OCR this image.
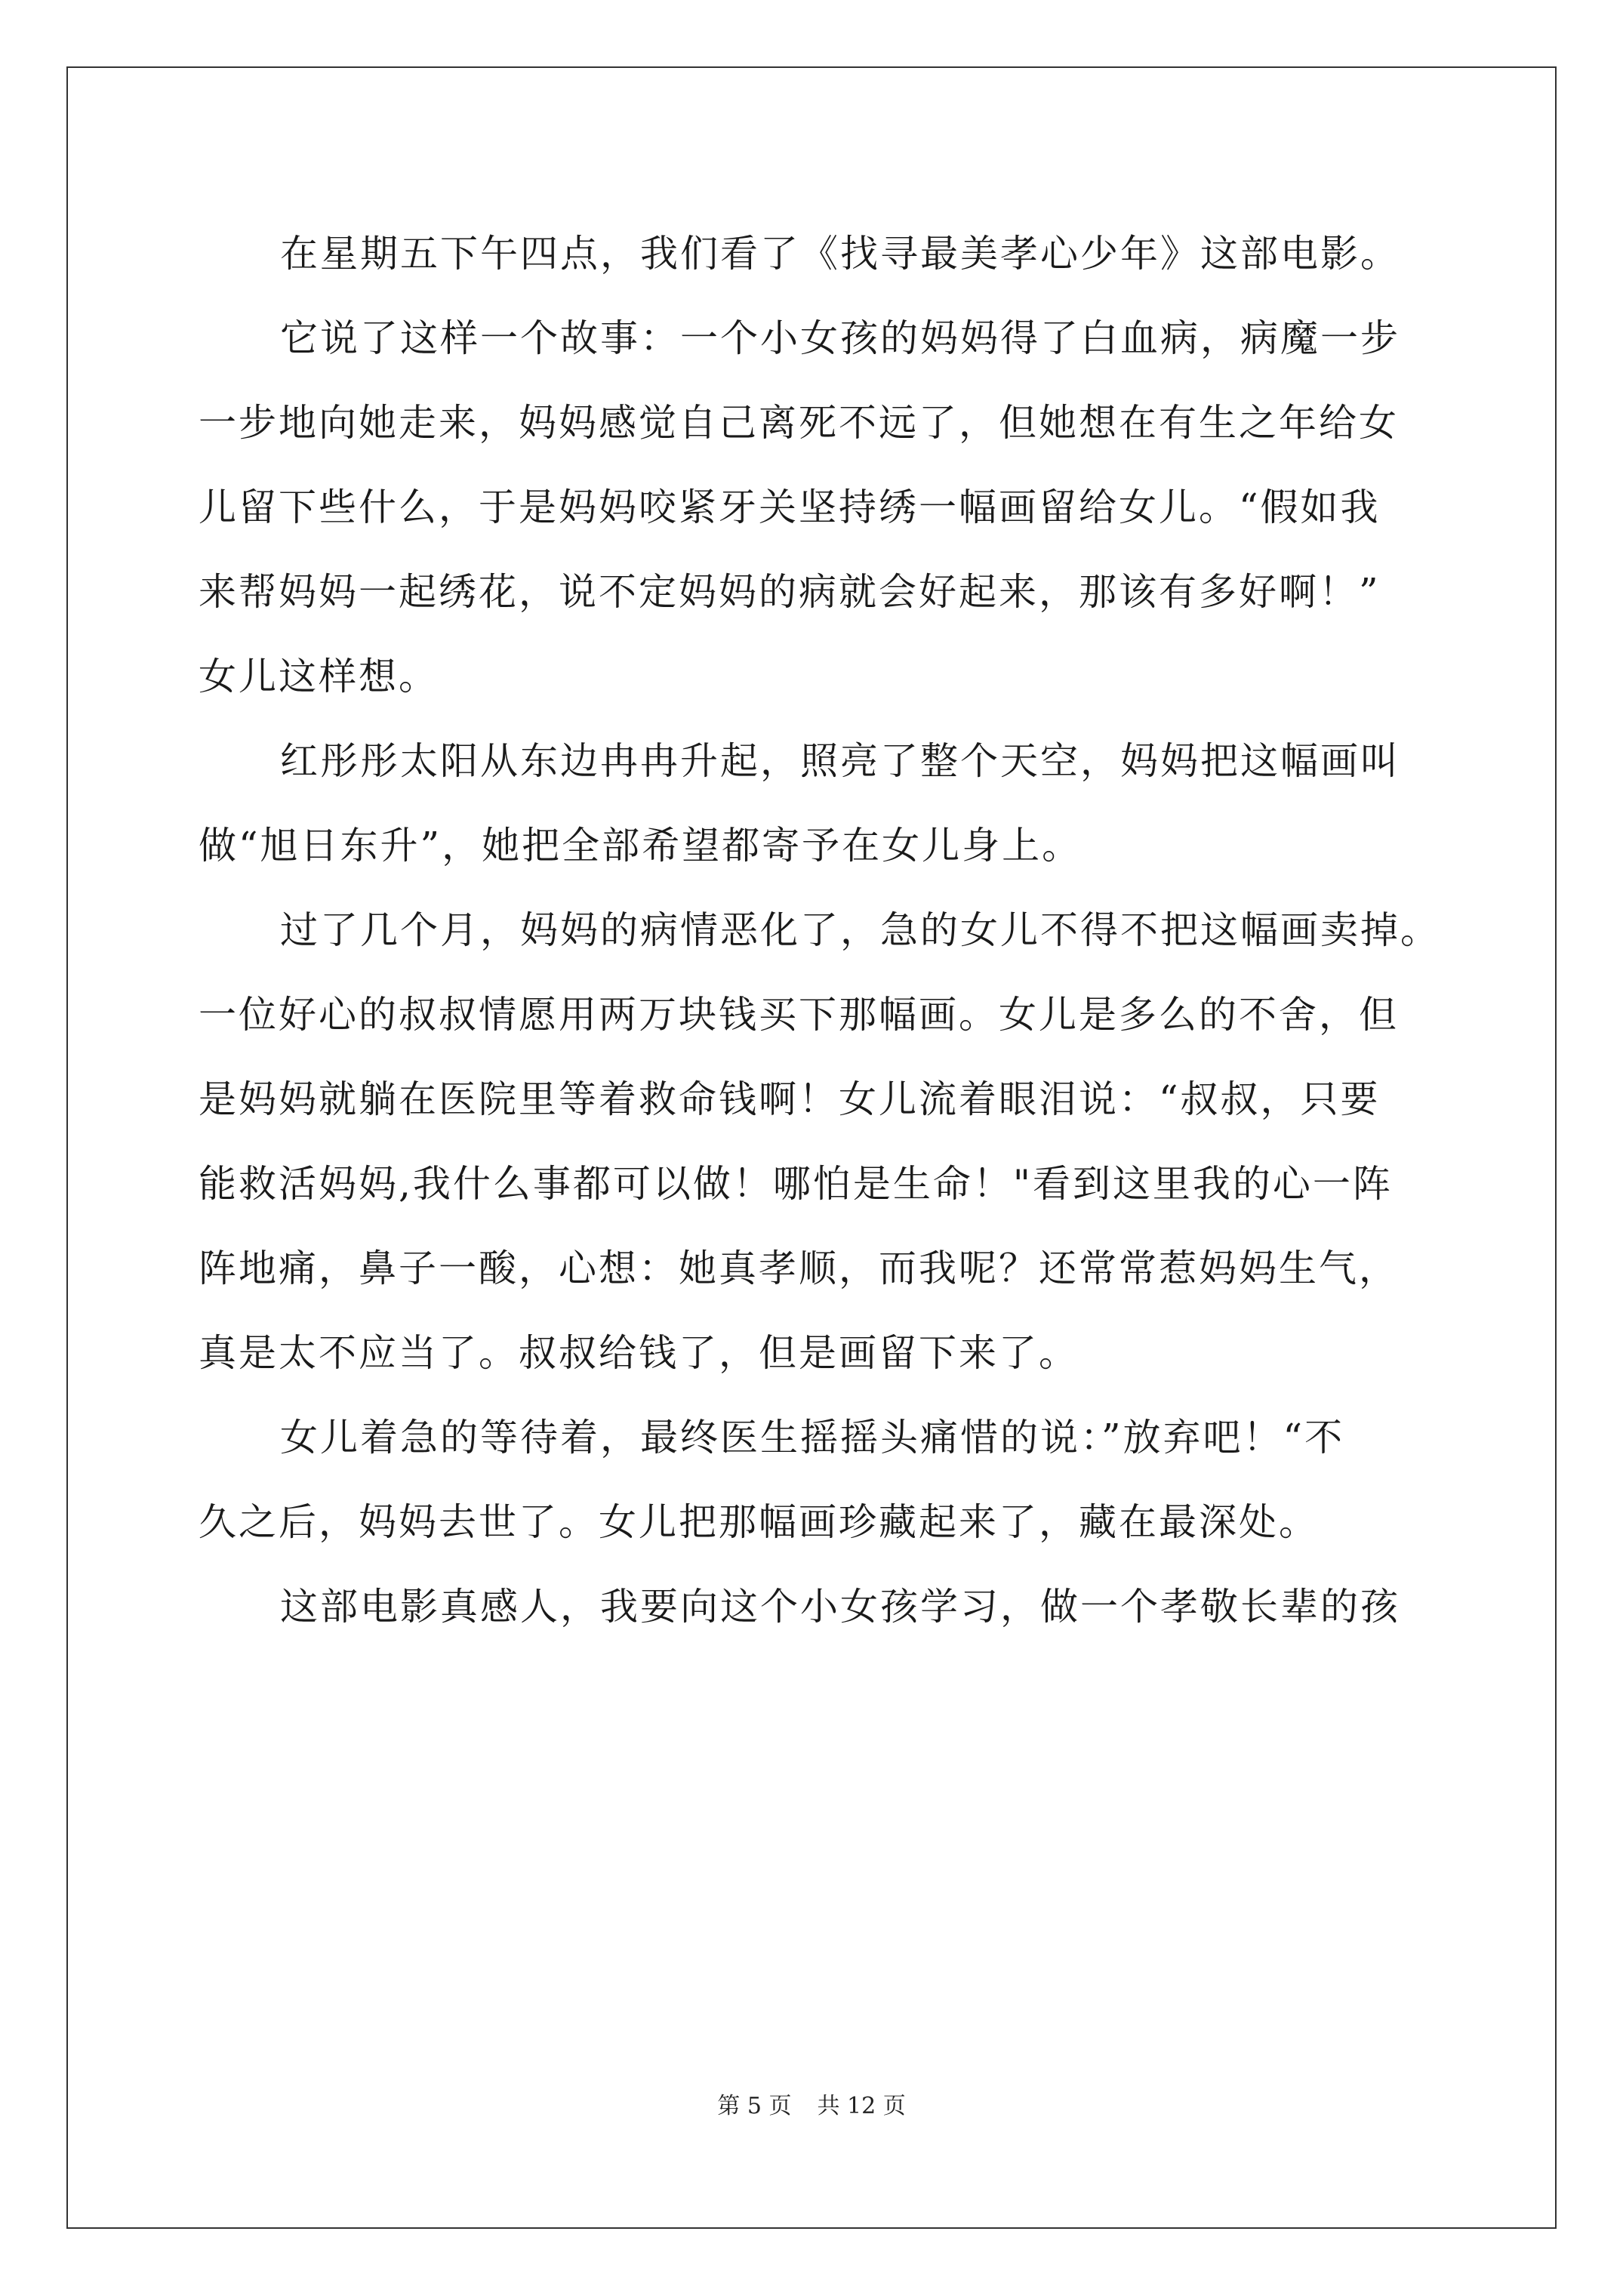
在星期五下午四点，我们看了《找寻最美孝心少年》这部电影。
它说了这样一个故事：一个小女孩的妈妈得了白血病，病魔一步
一步地向她走来，妈妈感觉自己离死不远了，但她想在有生之年给女
儿留下些什么，于是妈妈咬紧牙关坚持绣一幅画留给女儿。“假如我
来帮妈妈一起绣花，说不定妈妈的病就会好起来，那该有多好啊！”
女儿这样想。
红彤彤太阳从东边冉冉升起，照亮了整个天空，妈妈把这幅画叫
做“旭日东升”，她把全部希望都寄予在女儿身上。
过了几个月，妈妈的病情恶化了，急的女儿不得不把这幅画卖掉。
一位好心的叔叔情愿用两万块钱买下那幅画。女儿是多么的不舍，但
是妈妈就躺在医院里等着救命钱啊！女儿流着眼泪说：“叔叔，只要
能救活妈妈,我什么事都可以做！哪怕是生命！"看到这里我的心一阵
阵地痛，鼻子一酸，心想：她真孝顺，而我呢？还常常惹妈妈生气，
真是太不应当了。叔叔给钱了，但是画留下来了。
女儿着急的等待着，最终医生摇摇头痛惜的说：”放弃吧！“不
久之后，妈妈去世了。女儿把那幅画珍藏起来了，藏在最深处。
这部电影真感人，我要向这个小女孩学习，做一个孝敬长辈的孩
第 5 页 共 12 页
